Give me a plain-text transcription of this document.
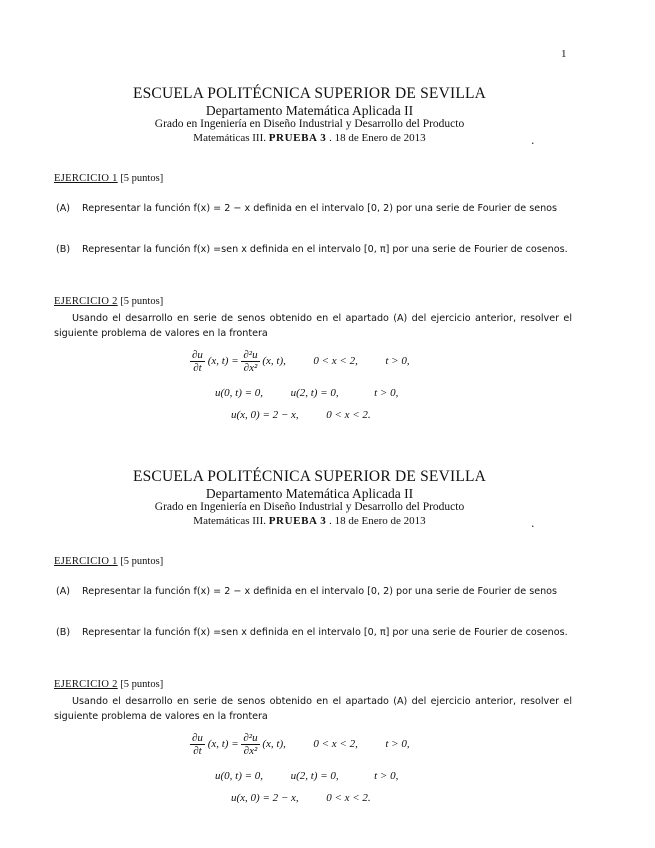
1
ESCUELA POLITÉCNICA SUPERIOR DE SEVILLA
Departamento Matemática Aplicada II
Grado en Ingeniería en Diseño Industrial y Desarrollo del Producto
Matemáticas III. PRUEBA 3 . 18 de Enero de 2013	.
EJERCICIO 1 [5 puntos]
(A) Representar la función f(x) = 2 − x definida en el intervalo [0, 2) por una serie de Fourier de senos
(B) Representar la función f(x) =sen x definida en el intervalo [0, π] por una serie de Fourier de cosenos.
EJERCICIO 2 [5 puntos]
Usando el desarrollo en serie de senos obtenido en el apartado (A) del ejercicio anterior, resolver el siguiente problema de valores en la frontera
$\frac{\partial u}{\partial t} (x$, $t) = \frac{\text{∂²u}}{\text{∂x²}} (x$, t),	0 < x < 2,	t > 0,
u(0, t) = 0,	u(2, t) = 0,	t > 0,
u(x, 0) = 2 − x,	0 < x < 2.
ESCUELA POLITÉCNICA SUPERIOR DE SEVILLA
Departamento Matemática Aplicada II
Grado en Ingeniería en Diseño Industrial y Desarrollo del Producto
Matemáticas III. PRUEBA 3 . 18 de Enero de 2013	.
EJERCICIO 1 [5 puntos]
(A) Representar la función f(x) = 2 − x definida en el intervalo [0, 2) por una serie de Fourier de senos
(B) Representar la función f(x) =sen x definida en el intervalo [0, π] por una serie de Fourier de cosenos.
EJERCICIO 2 [5 puntos]
Usando el desarrollo en serie de senos obtenido en el apartado (A) del ejercicio anterior, resolver el siguiente problema de valores en la frontera
$\frac{\partial u}{\partial t} (x$, $t) = \frac{\text{∂²u}}{\text{∂x²}} (x$, t),	0 < x < 2,	t > 0,
u(0, t) = 0,	u(2, t) = 0,	t > 0,
u(x, 0) = 2 − x,	0 < x < 2.
